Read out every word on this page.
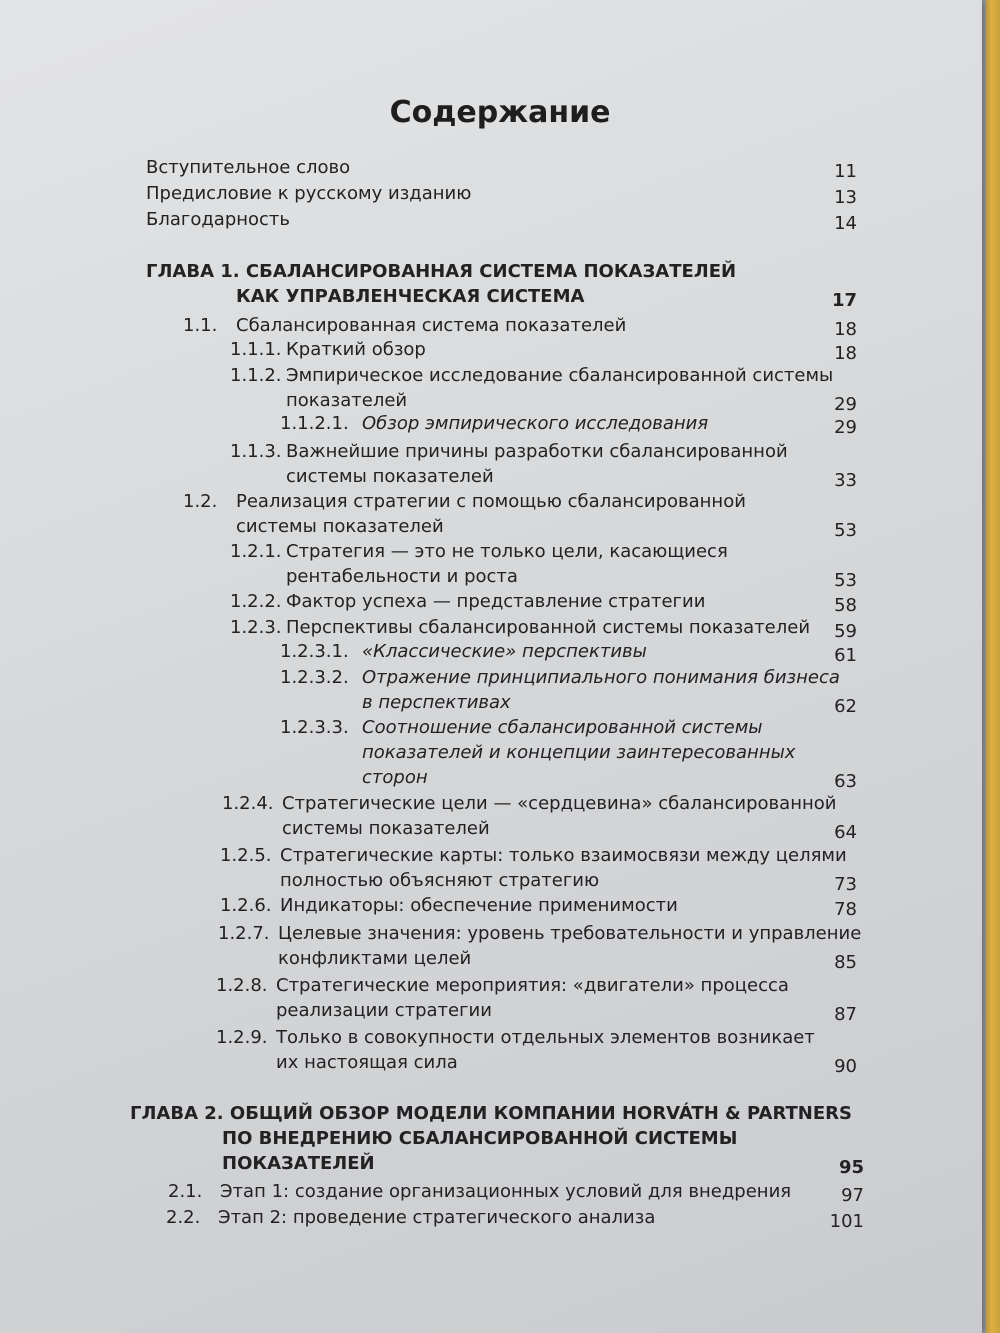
Содержание
Вступительное слово	11
Предисловие к русскому изданию	13
Благодарность	14
ГЛАВА 1. СБАЛАНСИРОВАННАЯ СИСТЕМА ПОКАЗАТЕЛЕЙ
КАК УПРАВЛЕНЧЕСКАЯ СИСТЕМА	17
1.1. Сбалансированная система показателей	18
1.1.1. Краткий обзор	18
1.1.2. Эмпирическое исследование сбалансированной системы
показателей	29
1.1.2.1. Обзор эмпирического исследования	29
1.1.3. Важнейшие причины разработки сбалансированной
системы показателей	33
1.2. Реализация стратегии с помощью сбалансированной
системы показателей	53
1.2.1. Стратегия — это не только цели, касающиеся
рентабельности и роста	53
1.2.2. Фактор успеха — представление стратегии	58
1.2.3. Перспективы сбалансированной системы показателей 59
1.2.3.1. «Классические» перспективы	61
1.2.3.2. Отражение принципиального понимания бизнеса
в перспективах	62
1.2.3.3. Соотношение сбалансированной системы
показателей и концепции заинтересованных
сторон	63
1.2.4. Стратегические цели — «сердцевина» сбалансированной
системы показателей	64
1.2.5. Стратегические карты: только взаимосвязи между целями
полностью объясняют стратегию	73
1.2.6. Индикаторы: обеспечение применимости	78
1.2.7. Целевые значения: уровень требовательности и управление
конфликтами целей	85
1.2.8. Стратегические мероприятия: «двигатели» процесса
реализации стратегии	87
1.2.9. Только в совокупности отдельных элементов возникает
их настоящая сила	90
ГЛАВА 2. ОБЩИЙ ОБЗОР МОДЕЛИ КОМПАНИИ HORVÁTH & PARTNERS
ПО ВНЕДРЕНИЮ СБАЛАНСИРОВАННОЙ СИСТЕМЫ
ПОКАЗАТЕЛЕЙ	95
2.1. Этап 1: создание организационных условий для внедрения	97
2.2. Этап 2: проведение стратегического анализа	101
